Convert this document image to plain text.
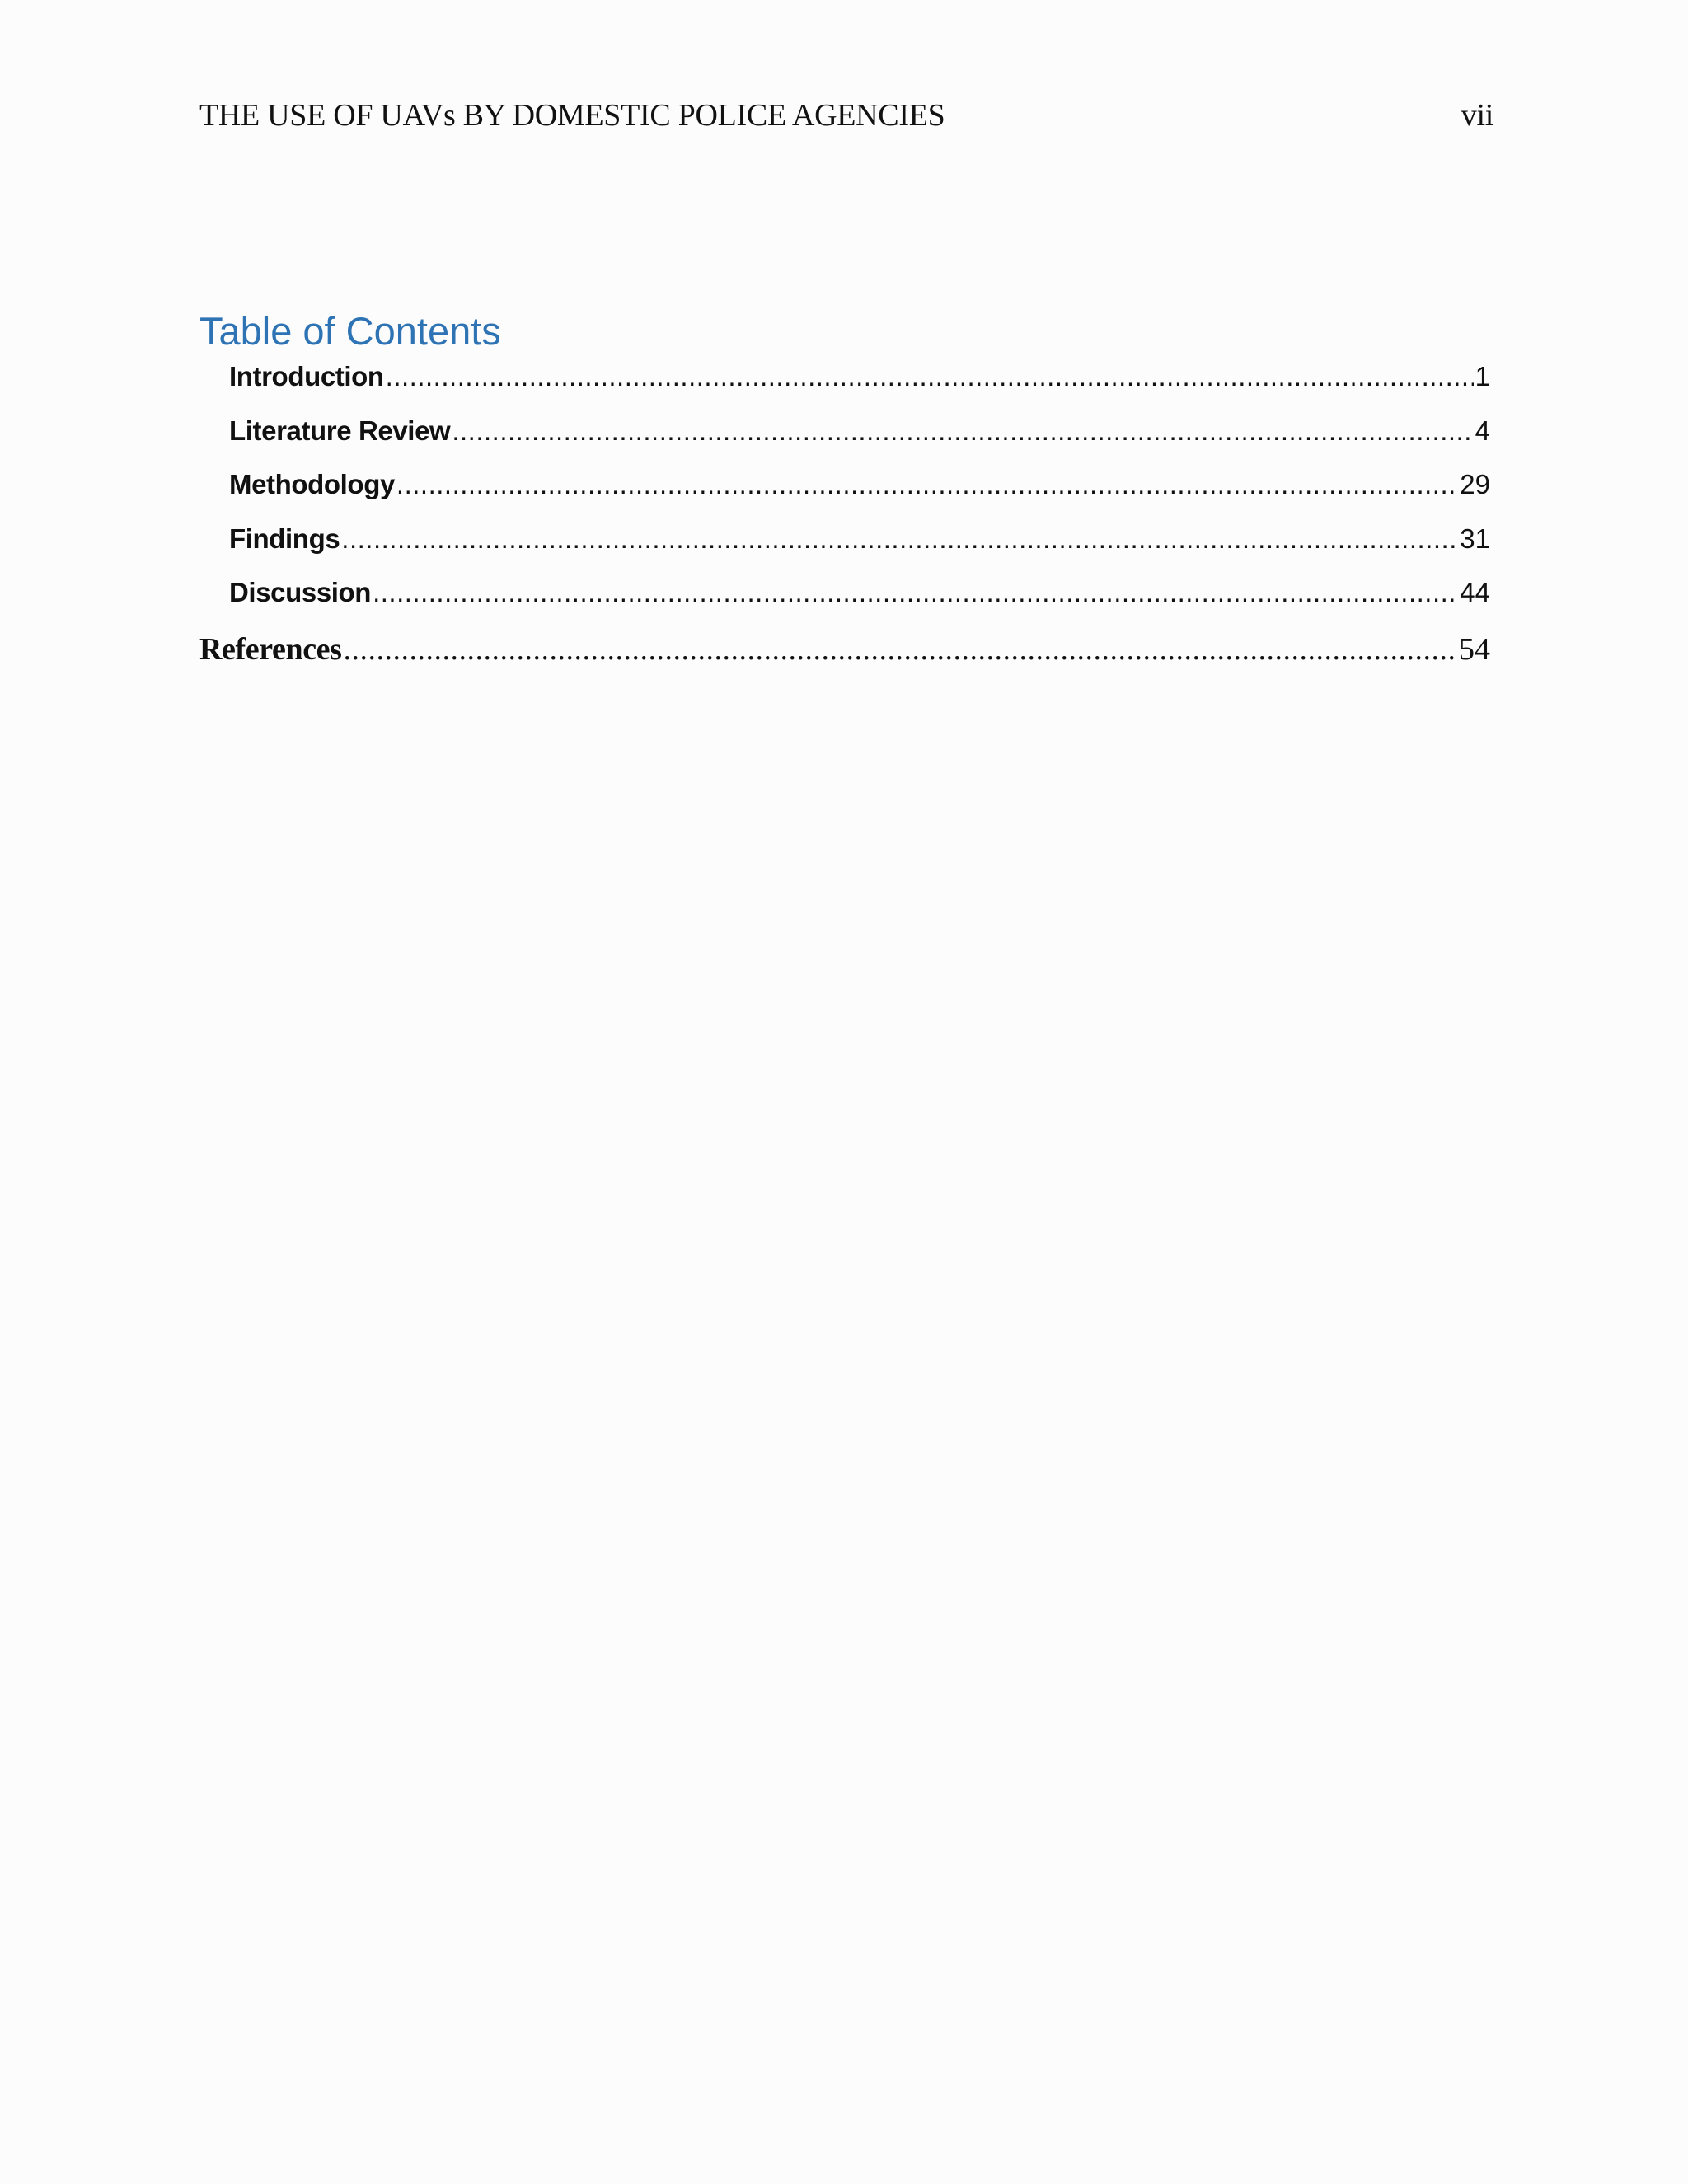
THE USE OF UAVs BY DOMESTIC POLICE AGENCIES	vii
Table of Contents
Introduction .....	1
Literature Review .....	4
Methodology .....	29
Findings .....	31
Discussion .....	44
References .....	54
